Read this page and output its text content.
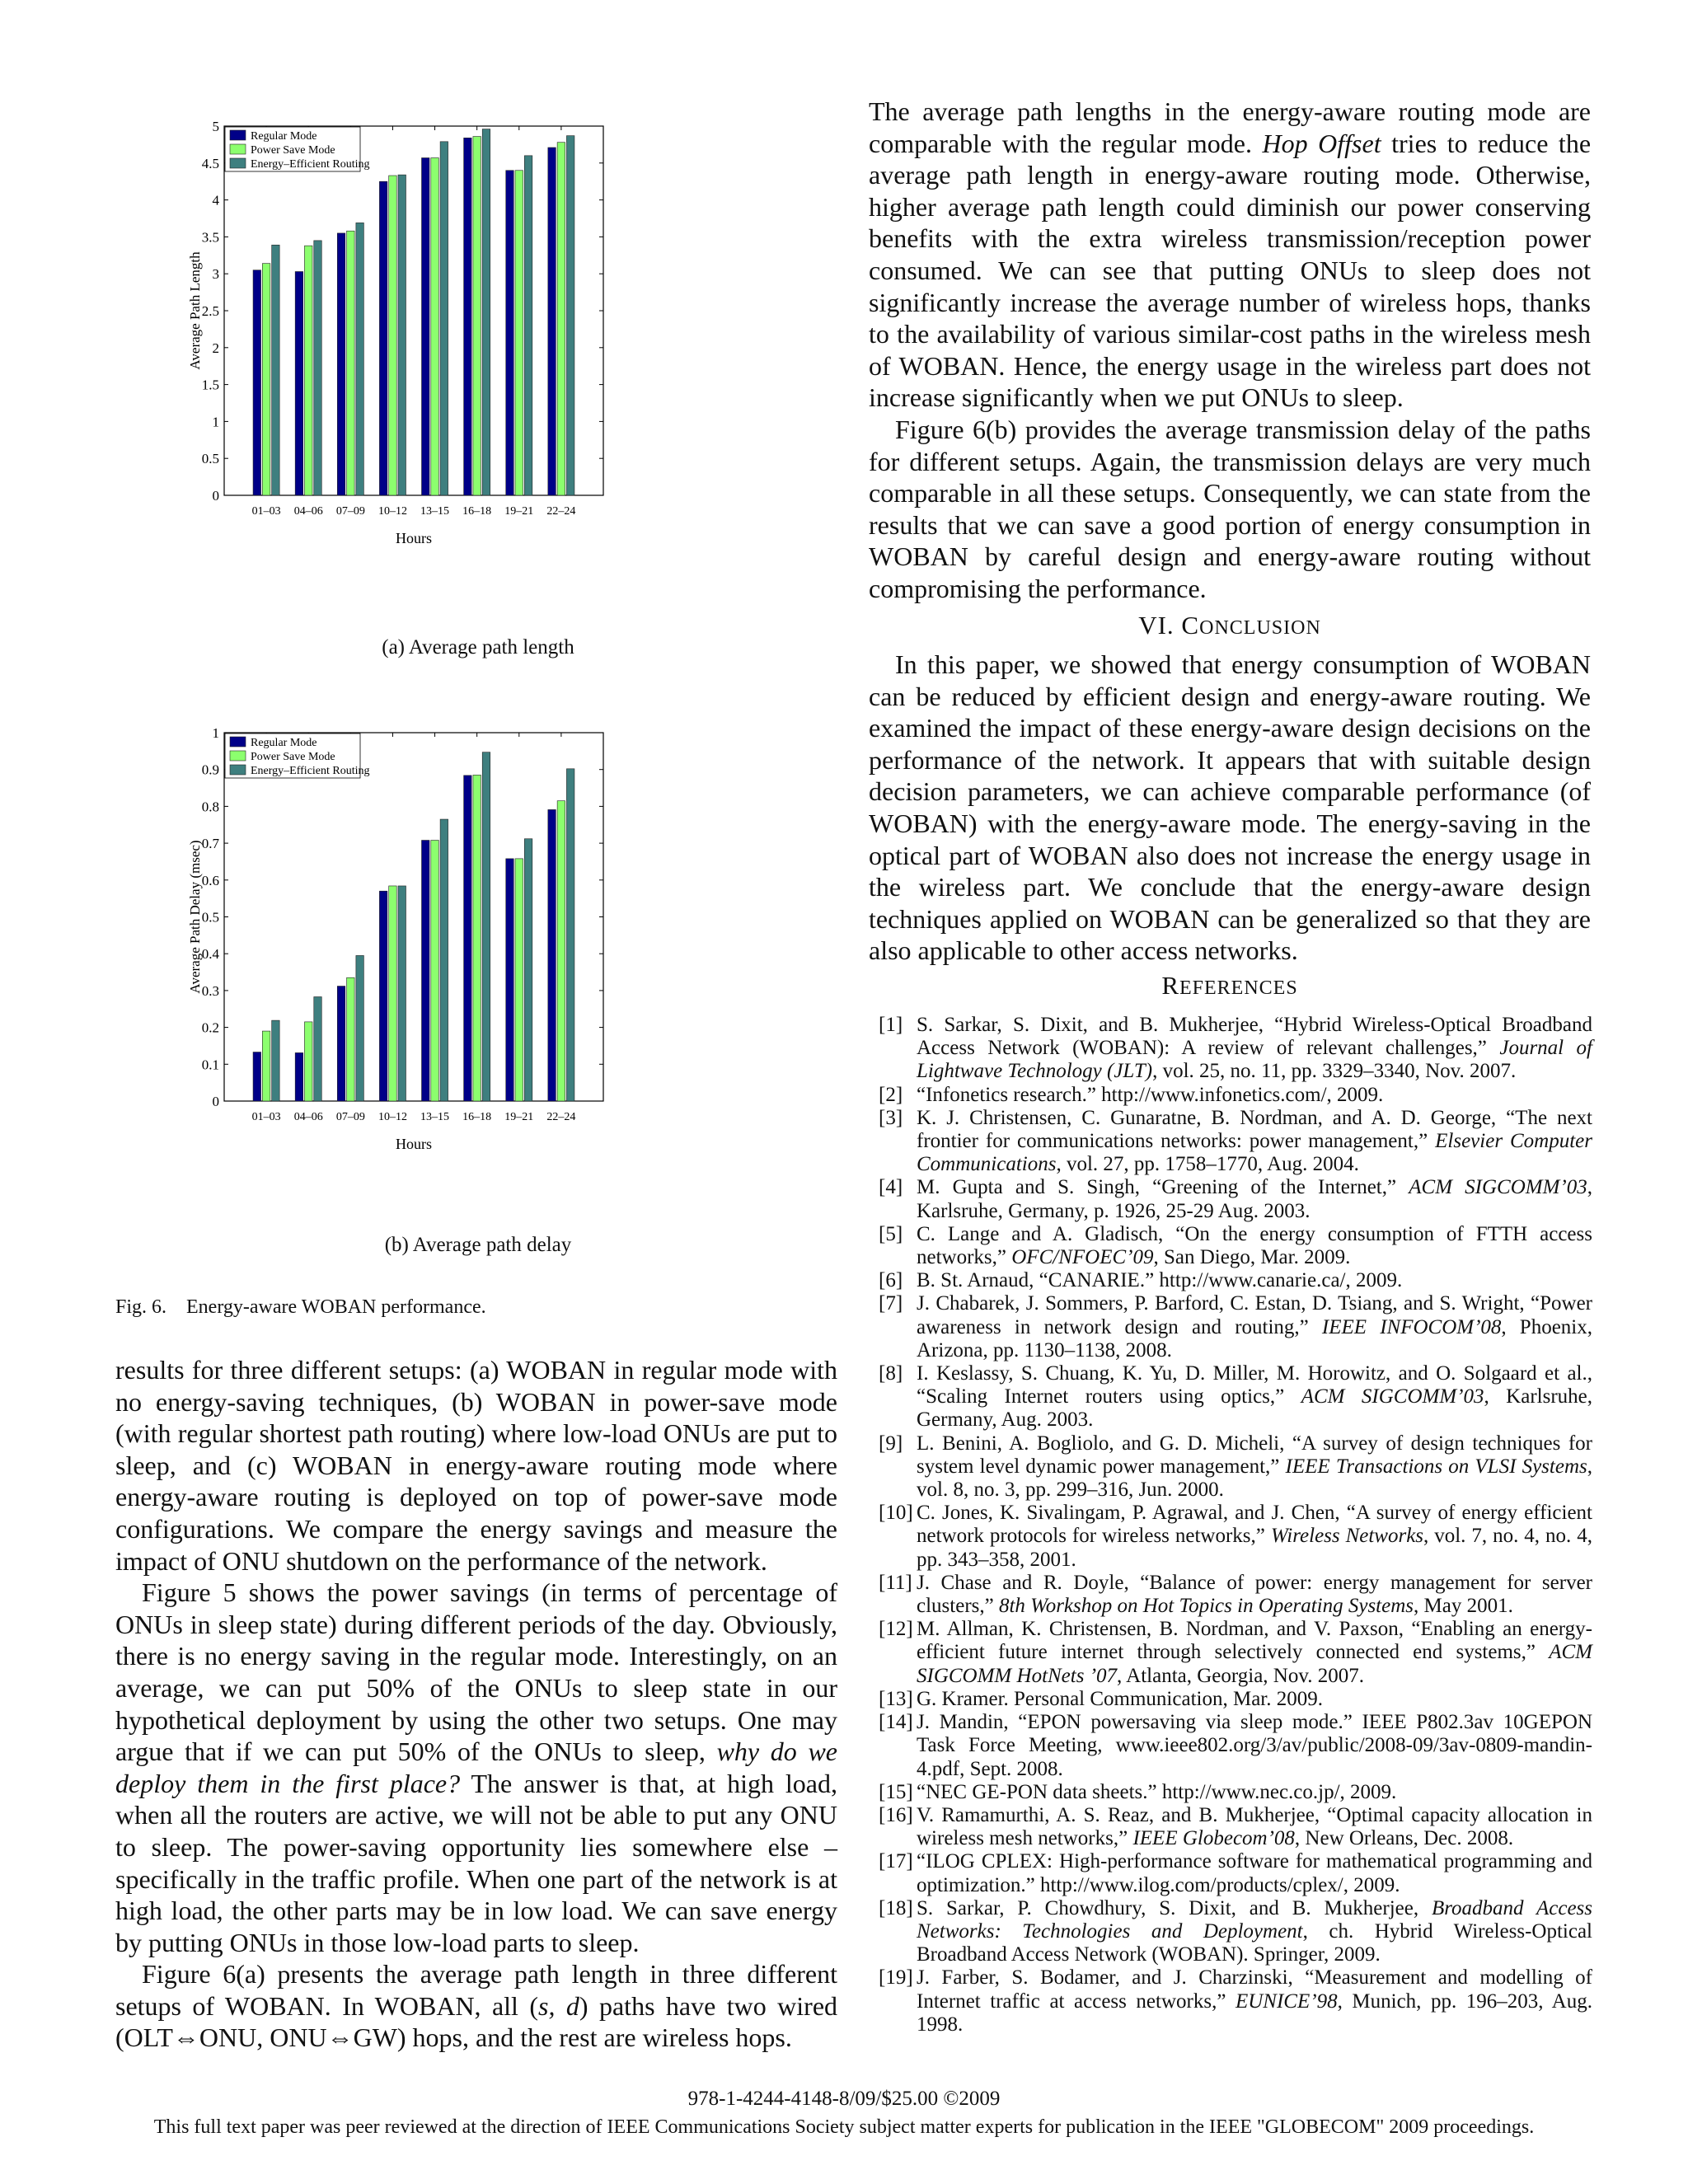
0
0.5
1
1.5
2
2.5
3
3.5
4
4.5
5
01–03 04–06 07–09 10–12 13–15 16–18 19–21 22–24
Hours
Average Path Length
Regular Mode
Power Save Mode
Energy–Efficient Routing
(a) Average path length
0
0.1
0.2
0.3
0.4
0.5
0.6
0.7
0.8
0.9
1
01–03 04–06 07–09 10–12 13–15 16–18 19–21 22–24
Hours
Average Path Delay (msec)
Regular Mode
Power Save Mode
Energy–Efficient Routing
(b) Average path delay
Fig. 6. Energy-aware WOBAN performance.

results for three different setups: (a) WOBAN in regular mode with no energy-saving techniques, (b) WOBAN in power-save mode (with regular shortest path routing) where low-load ONUs are put to sleep, and (c) WOBAN in energy-aware routing mode where energy-aware routing is deployed on top of power-save mode configurations. We compare the energy savings and measure the impact of ONU shutdown on the performance of the network.

Figure 5 shows the power savings (in terms of percentage of ONUs in sleep state) during different periods of the day. Obviously, there is no energy saving in the regular mode. Interestingly, on an average, we can put 50% of the ONUs to sleep state in our hypothetical deployment by using the other two setups. One may argue that if we can put 50% of the ONUs to sleep, why do we deploy them in the first place? The answer is that, at high load, when all the routers are active, we will not be able to put any ONU to sleep. The power-saving opportunity lies somewhere else – specifically in the traffic profile. When one part of the network is at high load, the other parts may be in low load. We can save energy by putting ONUs in those low-load parts to sleep.

Figure 6(a) presents the average path length in three different setups of WOBAN. In WOBAN, all (s, d) paths have two wired (OLT⇔ONU, ONU⇔GW) hops, and the rest are wireless hops.

The average path lengths in the energy-aware routing mode are comparable with the regular mode. Hop Offset tries to reduce the average path length in energy-aware routing mode. Otherwise, higher average path length could diminish our power conserving benefits with the extra wireless transmission/reception power consumed. We can see that putting ONUs to sleep does not significantly increase the average number of wireless hops, thanks to the availability of various similar-cost paths in the wireless mesh of WOBAN. Hence, the energy usage in the wireless part does not increase significantly when we put ONUs to sleep.

Figure 6(b) provides the average transmission delay of the paths for different setups. Again, the transmission delays are very much comparable in all these setups. Consequently, we can state from the results that we can save a good portion of energy consumption in WOBAN by careful design and energy-aware routing without compromising the performance.

VI. CONCLUSION

In this paper, we showed that energy consumption of WOBAN can be reduced by efficient design and energy-aware routing. We examined the impact of these energy-aware design decisions on the performance of the network. It appears that with suitable design decision parameters, we can achieve comparable performance (of WOBAN) with the energy-aware mode. The energy-saving in the optical part of WOBAN also does not increase the energy usage in the wireless part. We conclude that the energy-aware design techniques applied on WOBAN can be generalized so that they are also applicable to other access networks.

REFERENCES
[1] S. Sarkar, S. Dixit, and B. Mukherjee, “Hybrid Wireless-Optical Broadband Access Network (WOBAN): A review of relevant challenges,” Journal of Lightwave Technology (JLT), vol. 25, no. 11, pp. 3329–3340, Nov. 2007.
[2] “Infonetics research.” http://www.infonetics.com/, 2009.
[3] K. J. Christensen, C. Gunaratne, B. Nordman, and A. D. George, “The next frontier for communications networks: power management,” Elsevier Computer Communications, vol. 27, pp. 1758–1770, Aug. 2004.
[4] M. Gupta and S. Singh, “Greening of the Internet,” ACM SIGCOMM’03, Karlsruhe, Germany, p. 1926, 25-29 Aug. 2003.
[5] C. Lange and A. Gladisch, “On the energy consumption of FTTH access networks,” OFC/NFOEC’09, San Diego, Mar. 2009.
[6] B. St. Arnaud, “CANARIE.” http://www.canarie.ca/, 2009.
[7] J. Chabarek, J. Sommers, P. Barford, C. Estan, D. Tsiang, and S. Wright, “Power awareness in network design and routing,” IEEE INFOCOM’08, Phoenix, Arizona, pp. 1130–1138, 2008.
[8] I. Keslassy, S. Chuang, K. Yu, D. Miller, M. Horowitz, and O. Solgaard et al., “Scaling Internet routers using optics,” ACM SIGCOMM’03, Karlsruhe, Germany, Aug. 2003.
[9] L. Benini, A. Bogliolo, and G. D. Micheli, “A survey of design techniques for system level dynamic power management,” IEEE Transactions on VLSI Systems, vol. 8, no. 3, pp. 299–316, Jun. 2000.
[10] C. Jones, K. Sivalingam, P. Agrawal, and J. Chen, “A survey of energy efficient network protocols for wireless networks,” Wireless Networks, vol. 7, no. 4, no. 4, pp. 343–358, 2001.
[11] J. Chase and R. Doyle, “Balance of power: energy management for server clusters,” 8th Workshop on Hot Topics in Operating Systems, May 2001.
[12] M. Allman, K. Christensen, B. Nordman, and V. Paxson, “Enabling an energy-efficient future internet through selectively connected end systems,” ACM SIGCOMM HotNets ’07, Atlanta, Georgia, Nov. 2007.
[13] G. Kramer. Personal Communication, Mar. 2009.
[14] J. Mandin, “EPON powersaving via sleep mode.” IEEE P802.3av 10GEPON Task Force Meeting, www.ieee802.org/3/av/public/2008-09/3av-0809-mandin-4.pdf, Sept. 2008.
[15] “NEC GE-PON data sheets.” http://www.nec.co.jp/, 2009.
[16] V. Ramamurthi, A. S. Reaz, and B. Mukherjee, “Optimal capacity allocation in wireless mesh networks,” IEEE Globecom’08, New Orleans, Dec. 2008.
[17] “ILOG CPLEX: High-performance software for mathematical programming and optimization.” http://www.ilog.com/products/cplex/, 2009.
[18] S. Sarkar, P. Chowdhury, S. Dixit, and B. Mukherjee, Broadband Access Networks: Technologies and Deployment, ch. Hybrid Wireless-Optical Broadband Access Network (WOBAN). Springer, 2009.
[19] J. Farber, S. Bodamer, and J. Charzinski, “Measurement and modelling of Internet traffic at access networks,” EUNICE’98, Munich, pp. 196–203, Aug. 1998.
978-1-4244-4148-8/09/$25.00 ©2009
This full text paper was peer reviewed at the direction of IEEE Communications Society subject matter experts for publication in the IEEE "GLOBECOM" 2009 proceedings.
